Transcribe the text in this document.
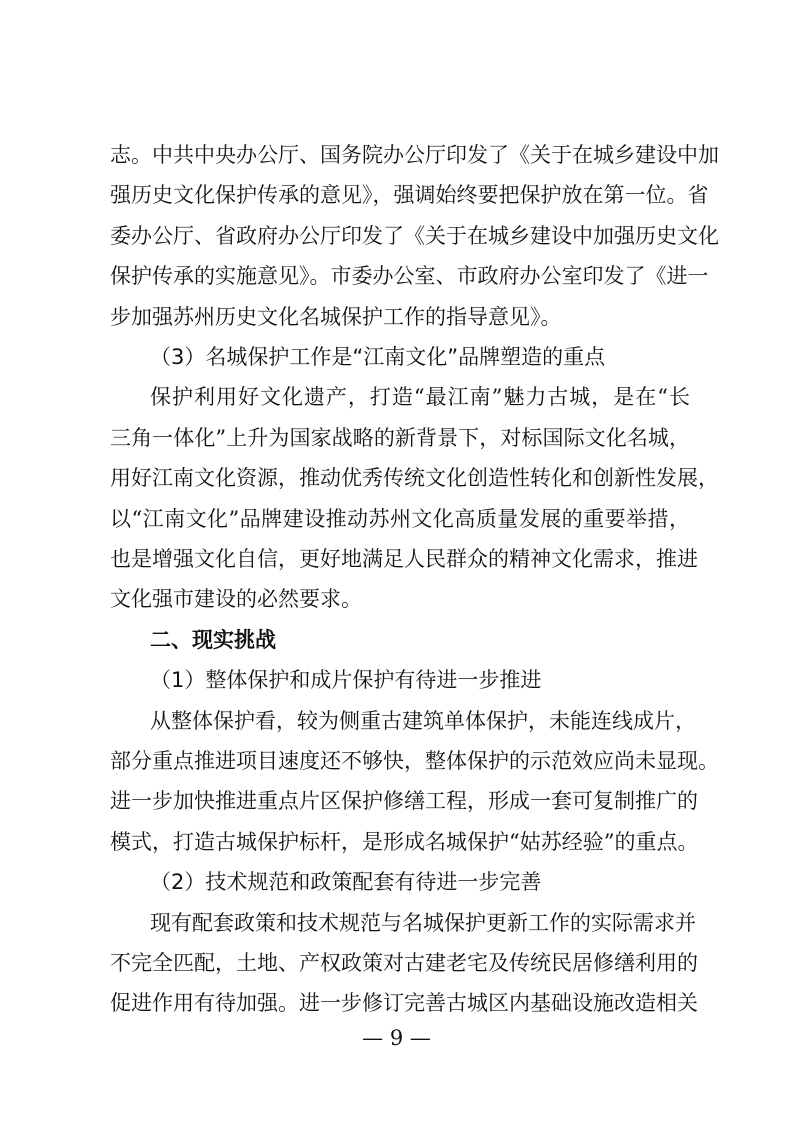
志。中共中央办公厅、国务院办公厅印发了《关于在城乡建设中加
强历史文化保护传承的意见》，强调始终要把保护放在第一位。省
委办公厅、省政府办公厅印发了《关于在城乡建设中加强历史文化
保护传承的实施意见》。市委办公室、市政府办公室印发了《进一
步加强苏州历史文化名城保护工作的指导意见》。
（3）名城保护工作是“江南文化”品牌塑造的重点
保护利用好文化遗产，打造“最江南”魅力古城，是在“长
三角一体化”上升为国家战略的新背景下，对标国际文化名城，
用好江南文化资源，推动优秀传统文化创造性转化和创新性发展，
以“江南文化”品牌建设推动苏州文化高质量发展的重要举措，
也是增强文化自信，更好地满足人民群众的精神文化需求，推进
文化强市建设的必然要求。
二、现实挑战
（1）整体保护和成片保护有待进一步推进
从整体保护看，较为侧重古建筑单体保护，未能连线成片，
部分重点推进项目速度还不够快，整体保护的示范效应尚未显现。
进一步加快推进重点片区保护修缮工程，形成一套可复制推广的
模式，打造古城保护标杆，是形成名城保护“姑苏经验”的重点。
（2）技术规范和政策配套有待进一步完善
现有配套政策和技术规范与名城保护更新工作的实际需求并
不完全匹配，土地、产权政策对古建老宅及传统民居修缮利用的
— 9 —
促进作用有待加强。进一步修订完善古城区内基础设施改造相关
